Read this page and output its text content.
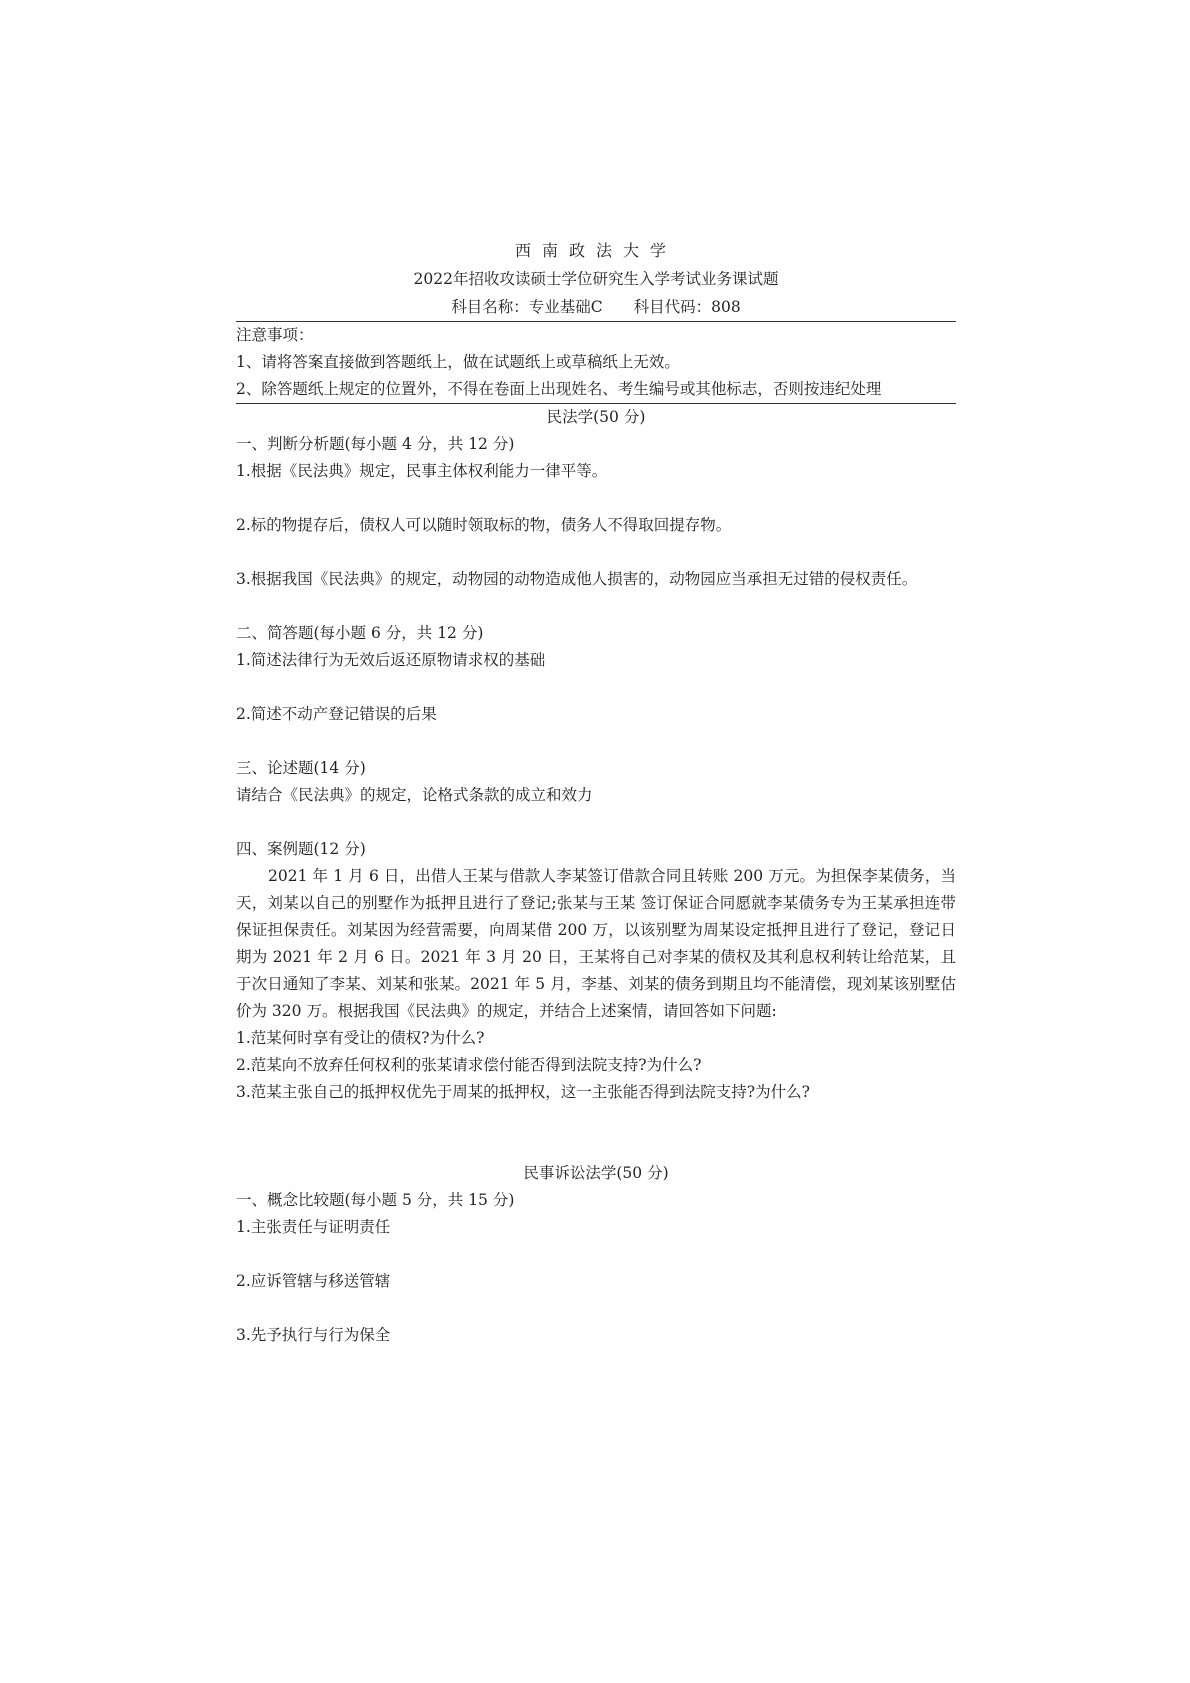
西南政法大学
2022年招收攻读硕士学位研究生入学考试业务课试题
科目名称：专业基础C　　科目代码：808
注意事项：
1、请将答案直接做到答题纸上，做在试题纸上或草稿纸上无效。
2、除答题纸上规定的位置外，不得在卷面上出现姓名、考生编号或其他标志，否则按违纪处理
民法学(50 分)
一、判断分析题(每小题 4 分，共 12 分)
1.根据《民法典》规定，民事主体权利能力一律平等。
2.标的物提存后，债权人可以随时领取标的物，债务人不得取回提存物。
3.根据我国《民法典》的规定，动物园的动物造成他人损害的，动物园应当承担无过错的侵权责任。
二、简答题(每小题 6 分，共 12 分)
1.简述法律行为无效后返还原物请求权的基础
2.简述不动产登记错误的后果
三、论述题(14 分)
请结合《民法典》的规定，论格式条款的成立和效力
四、案例题(12 分)
2021 年 1 月 6 日，出借人王某与借款人李某签订借款合同且转账 200 万元。为担保李某债务，当天，刘某以自己的别墅作为抵押且进行了登记;张某与王某 签订保证合同愿就李某债务专为王某承担连带保证担保责任。刘某因为经营需要，向周某借 200 万，以该别墅为周某设定抵押且进行了登记，登记日期为 2021 年 2 月 6 日。2021 年 3 月 20 日，王某将自己对李某的债权及其利息权利转让给范某，且于次日通知了李某、刘某和张某。2021 年 5 月，李基、刘某的债务到期且均不能清偿，现刘某该别墅估价为 320 万。根据我国《民法典》的规定，并结合上述案情，请回答如下问题:
1.范某何时享有受让的债权?为什么?
2.范某向不放弃任何权利的张某请求偿付能否得到法院支持?为什么?
3.范某主张自己的抵押权优先于周某的抵押权，这一主张能否得到法院支持?为什么?
民事诉讼法学(50 分)
一、概念比较题(每小题 5 分，共 15 分)
1.主张责任与证明责任
2.应诉管辖与移送管辖
3.先予执行与行为保全
